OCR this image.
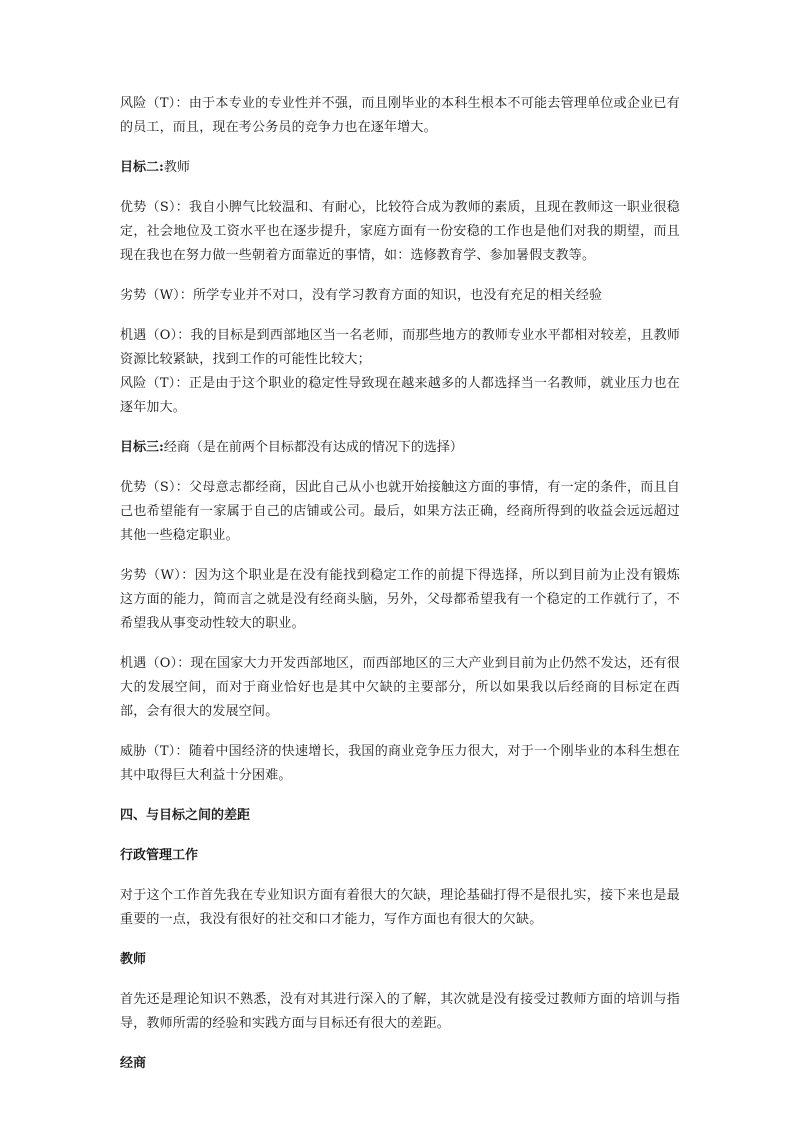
风险（T）：由于本专业的专业性并不强，而且刚毕业的本科生根本不可能去管理单位或企业已有的员工，而且，现在考公务员的竞争力也在逐年增大。

目标二:教师

优势（S）：我自小脾气比较温和、有耐心，比较符合成为教师的素质，且现在教师这一职业很稳定，社会地位及工资水平也在逐步提升，家庭方面有一份安稳的工作也是他们对我的期望，而且现在我也在努力做一些朝着方面靠近的事情，如：选修教育学、参加暑假支教等。

劣势（W）：所学专业并不对口，没有学习教育方面的知识，也没有充足的相关经验

机遇（O）：我的目标是到西部地区当一名老师，而那些地方的教师专业水平都相对较差，且教师资源比较紧缺，找到工作的可能性比较大；

风险（T）：正是由于这个职业的稳定性导致现在越来越多的人都选择当一名教师，就业压力也在逐年加大。

目标三:经商（是在前两个目标都没有达成的情况下的选择）

优势（S）：父母意志都经商，因此自己从小也就开始接触这方面的事情，有一定的条件，而且自己也希望能有一家属于自己的店铺或公司。最后，如果方法正确，经商所得到的收益会远远超过其他一些稳定职业。

劣势（W）：因为这个职业是在没有能找到稳定工作的前提下得选择，所以到目前为止没有锻炼这方面的能力，简而言之就是没有经商头脑，另外，父母都希望我有一个稳定的工作就行了，不希望我从事变动性较大的职业。

机遇（O）：现在国家大力开发西部地区，而西部地区的三大产业到目前为止仍然不发达，还有很大的发展空间，而对于商业恰好也是其中欠缺的主要部分，所以如果我以后经商的目标定在西部，会有很大的发展空间。

威胁（T）：随着中国经济的快速增长，我国的商业竞争压力很大，对于一个刚毕业的本科生想在其中取得巨大利益十分困难。

四、与目标之间的差距

行政管理工作

对于这个工作首先我在专业知识方面有着很大的欠缺，理论基础打得不是很扎实，接下来也是最重要的一点，我没有很好的社交和口才能力，写作方面也有很大的欠缺。

教师

首先还是理论知识不熟悉，没有对其进行深入的了解，其次就是没有接受过教师方面的培训与指导，教师所需的经验和实践方面与目标还有很大的差距。

经商
